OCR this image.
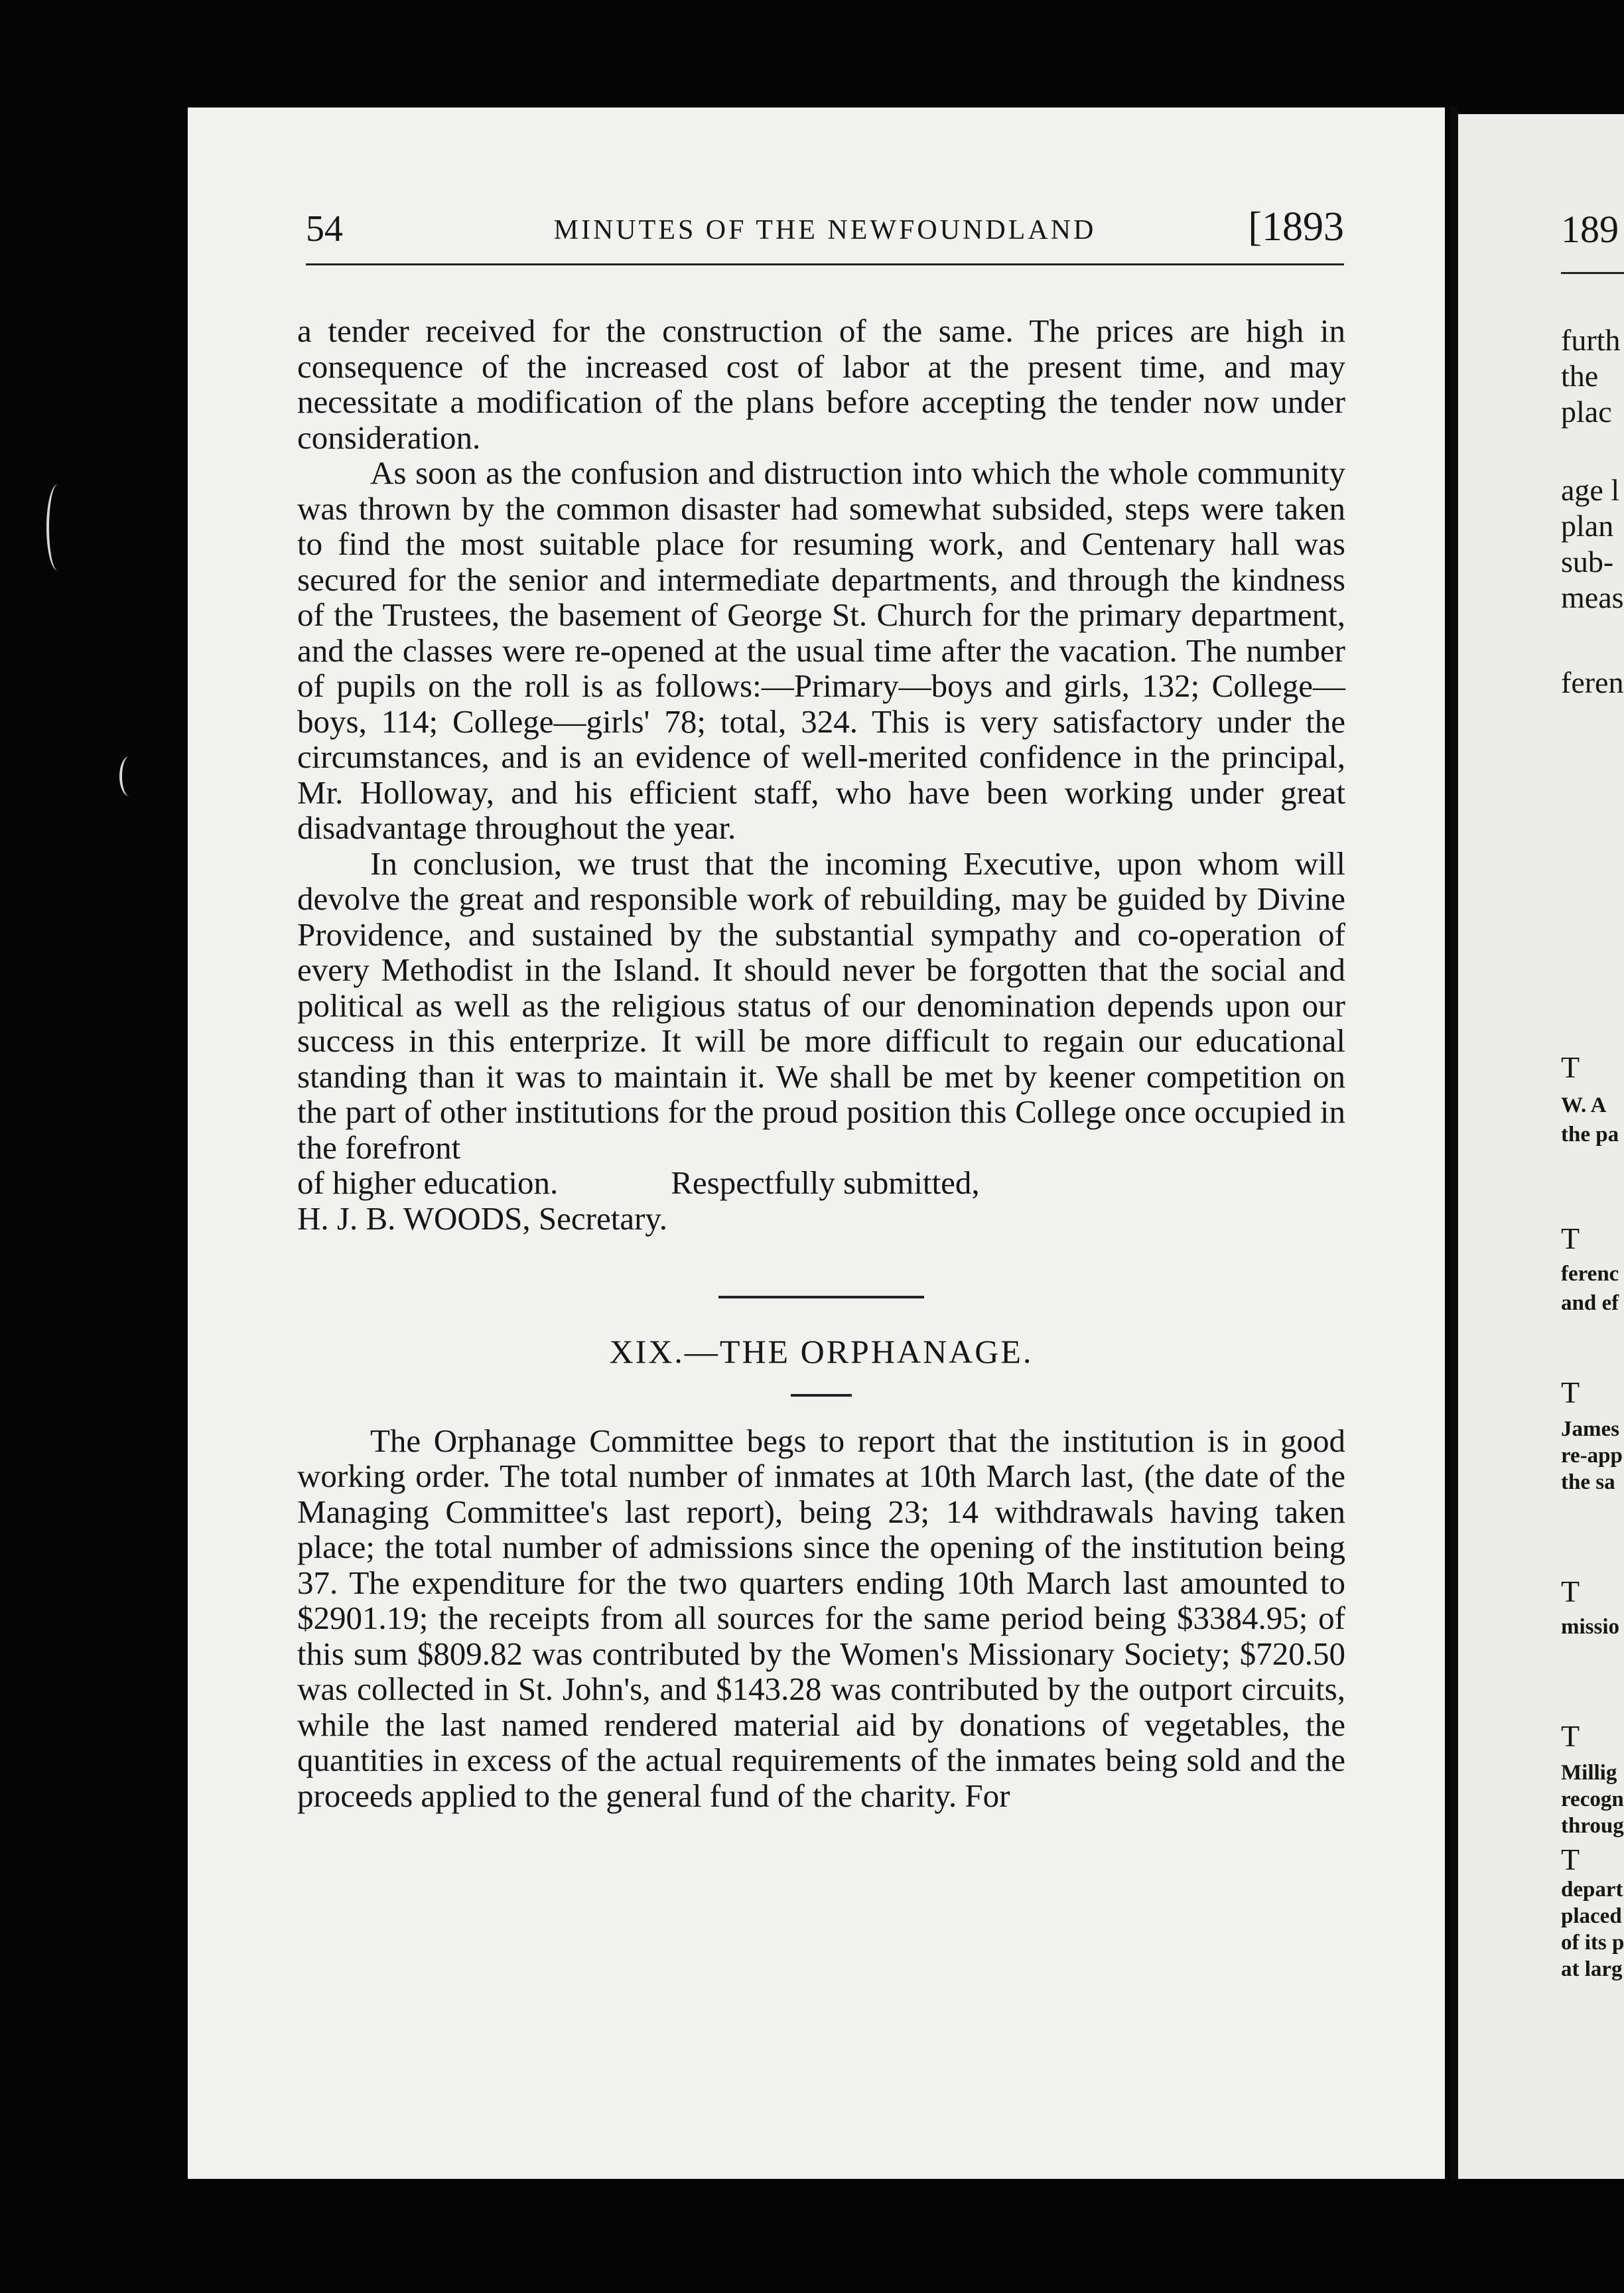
54	MINUTES OF THE NEWFOUNDLAND	[1893

a tender received for the construction of the same. The prices are high in consequence of the increased cost of labor at the present time, and may necessitate a modification of the plans before accepting the tender now under consideration.

As soon as the confusion and distruction into which the whole community was thrown by the common disaster had somewhat subsided, steps were taken to find the most suitable place for resuming work, and Centenary hall was secured for the senior and intermediate departments, and through the kindness of the Trustees, the basement of George St. Church for the primary department, and the classes were re-opened at the usual time after the vacation. The number of pupils on the roll is as follows:—Primary—boys and girls, 132; College—boys, 114; College—girls' 78; total, 324. This is very satisfactory under the circumstances, and is an evidence of well-merited confidence in the principal, Mr. Holloway, and his efficient staff, who have been working under great disadvantage throughout the year.

In conclusion, we trust that the incoming Executive, upon whom will devolve the great and responsible work of rebuilding, may be guided by Divine Providence, and sustained by the substantial sympathy and co-operation of every Methodist in the Island. It should never be forgotten that the social and political as well as the religious status of our denomination depends upon our success in this enterprize. It will be more difficult to regain our educational standing than it was to maintain it. We shall be met by keener competition on the part of other institutions for the proud position this College once occupied in the forefront

of higher education.	Respectfully submitted,

H. J. B. WOODS, Secretary.

XIX.—THE ORPHANAGE.

The Orphanage Committee begs to report that the institution is in good working order. The total number of inmates at 10th March last, (the date of the Managing Committee's last report), being 23; 14 withdrawals having taken place; the total number of admissions since the opening of the institution being 37. The expenditure for the two quarters ending 10th March last amounted to $2901.19; the receipts from all sources for the same period being $3384.95; of this sum $809.82 was contributed by the Women's Missionary Society; $720.50 was collected in St. John's, and $143.28 was contributed by the outport circuits, while the last named rendered material aid by donations of vegetables, the quantities in excess of the actual requirements of the inmates being sold and the proceeds applied to the general fund of the charity. For

189
furth
the
plac
age l
plan
sub-
meas
feren
T
W. A
the pa
T
ferenc
and ef
T
James
re-app
the sa
T
missio
T
Millig
recogn
throug
T
depart
placed
of its p
at larg
